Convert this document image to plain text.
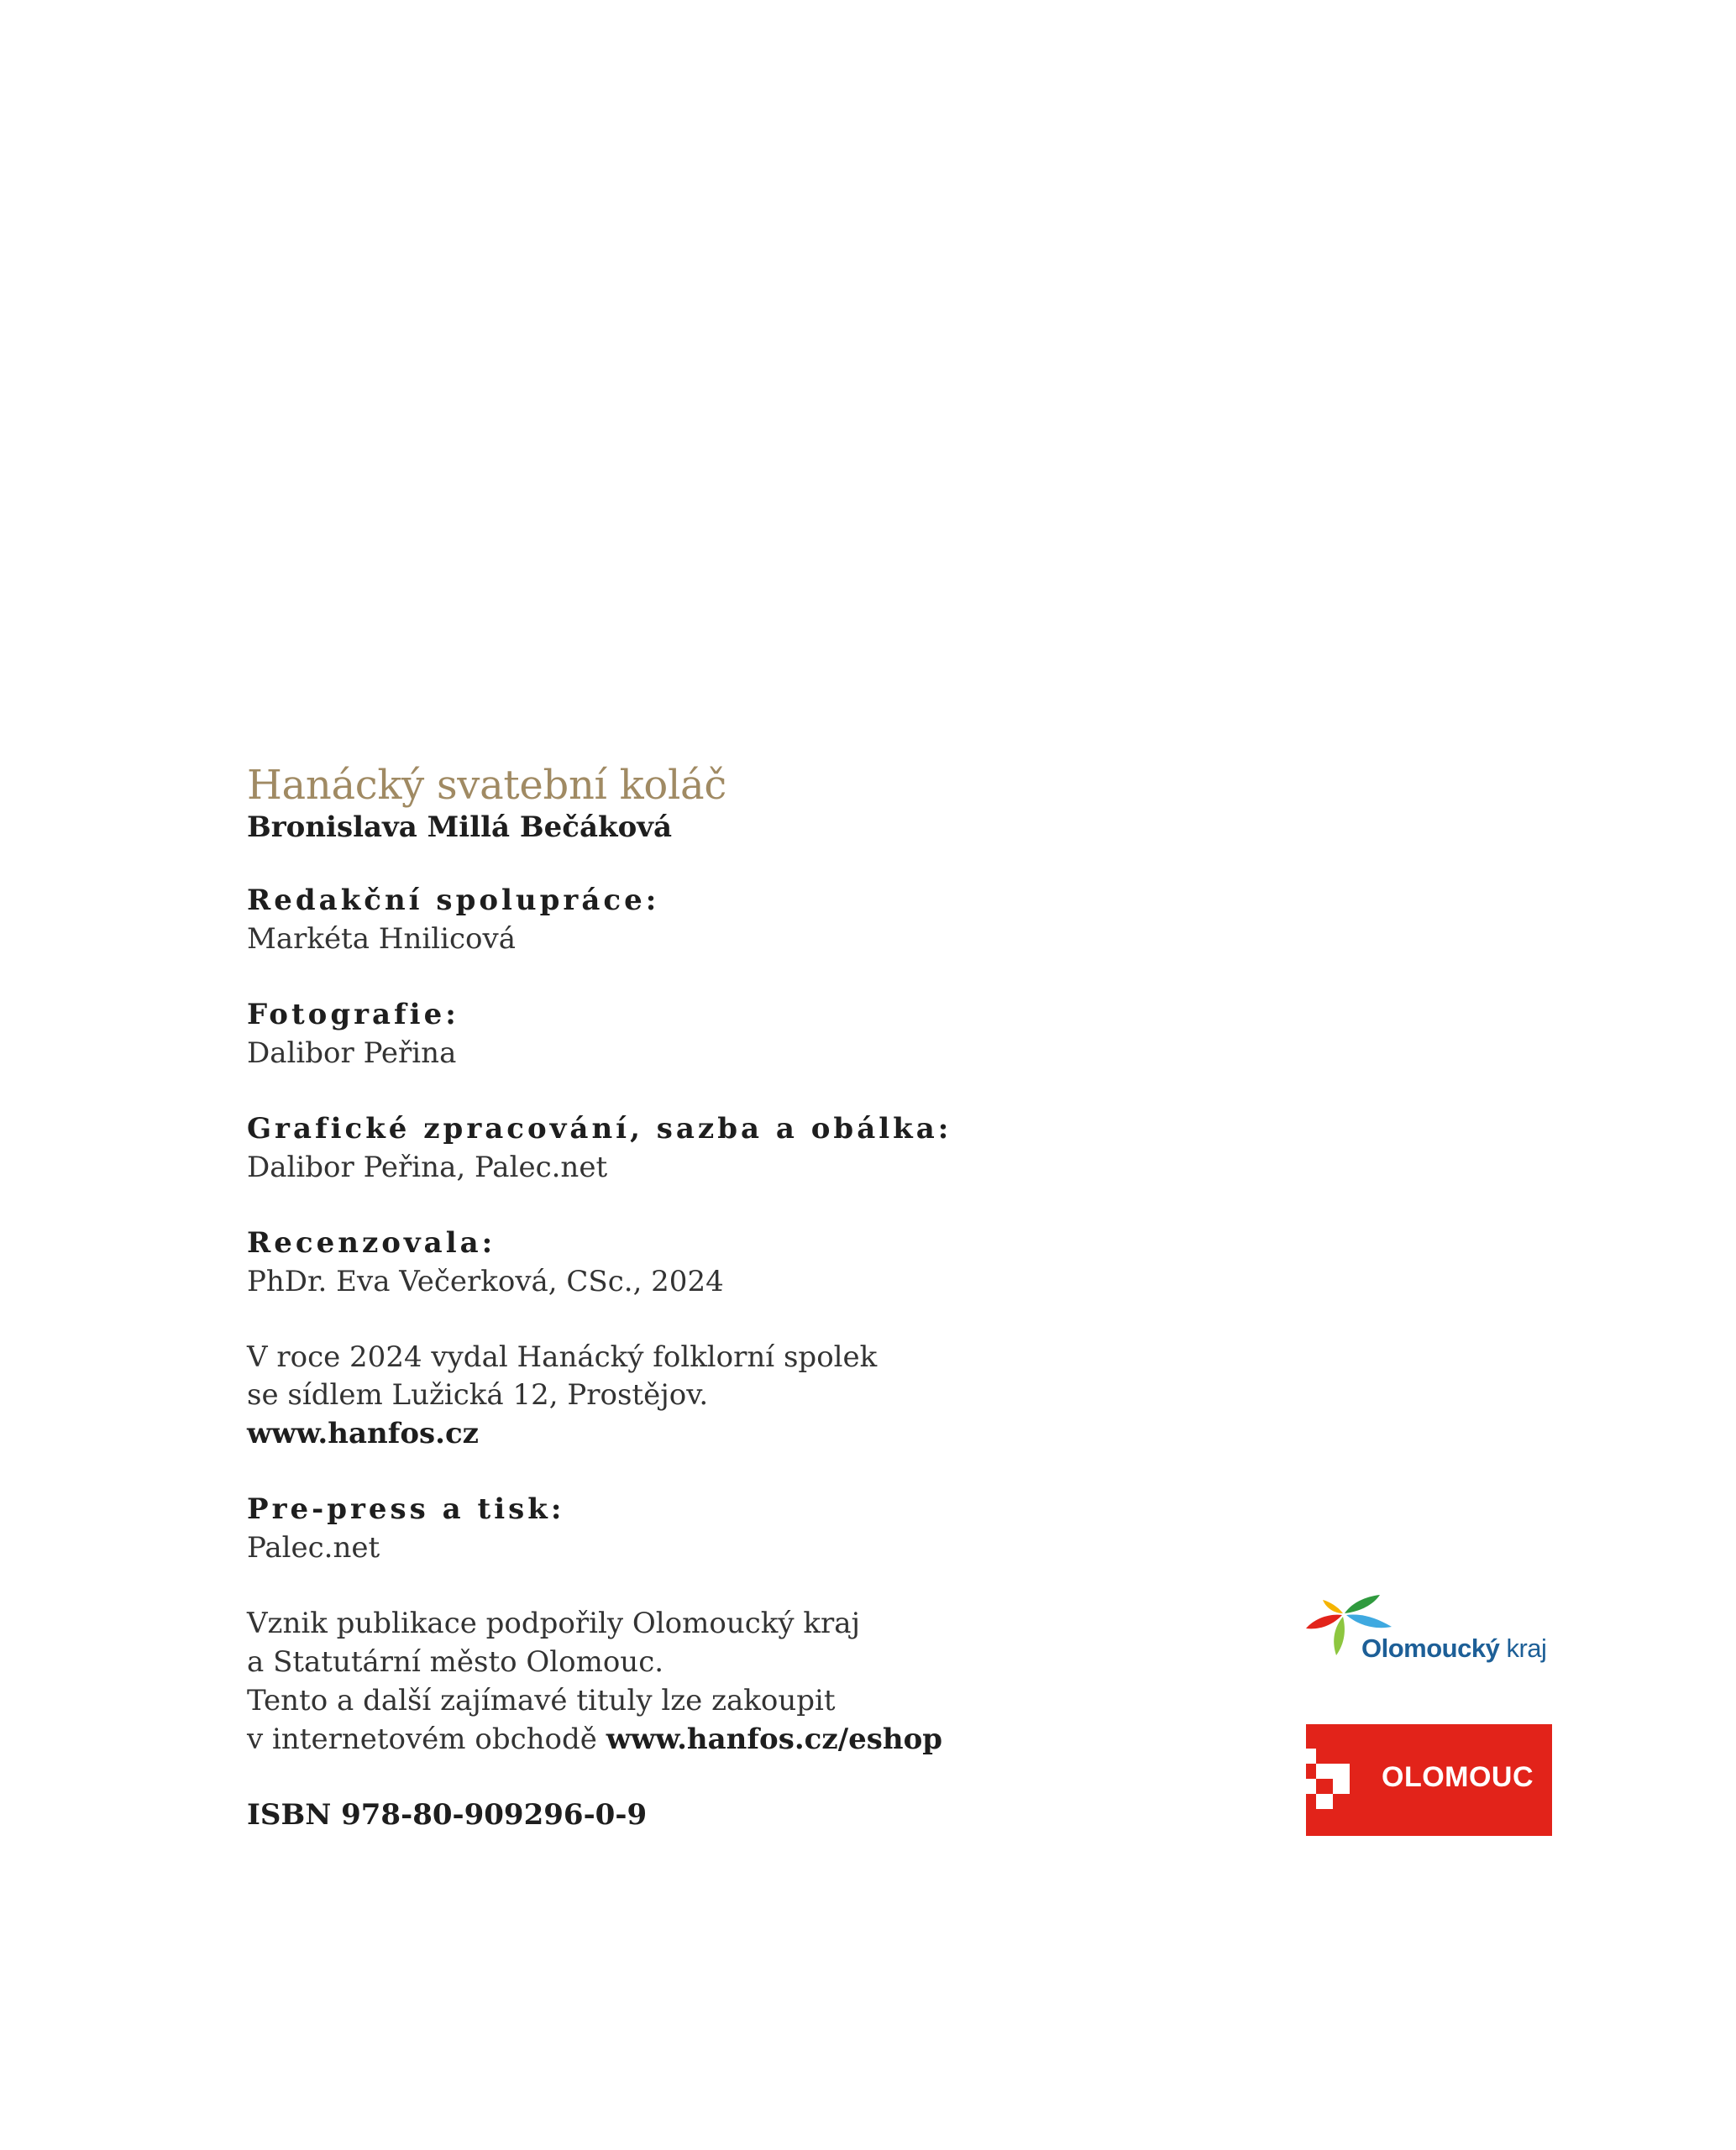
Hanácký svatební koláč

Bronislava Millá Bečáková

Redakční spolupráce:

Markéta Hnilicová

Fotografie:

Dalibor Peřina

Grafické zpracování, sazba a obálka:

Dalibor Peřina, Palec.net

Recenzovala:

PhDr. Eva Večerková, CSc., 2024

V roce 2024 vydal Hanácký folklorní spolek

se sídlem Lužická 12, Prostějov.

www.hanfos.cz

Pre-press a tisk:

Palec.net

Vznik publikace podpořily Olomoucký kraj

a Statutární město Olomouc.

Tento a další zajímavé tituly lze zakoupit

v internetovém obchodě www.hanfos.cz/eshop

ISBN 978-80-909296-0-9

Olomoucký kraj
OLOMOUC
